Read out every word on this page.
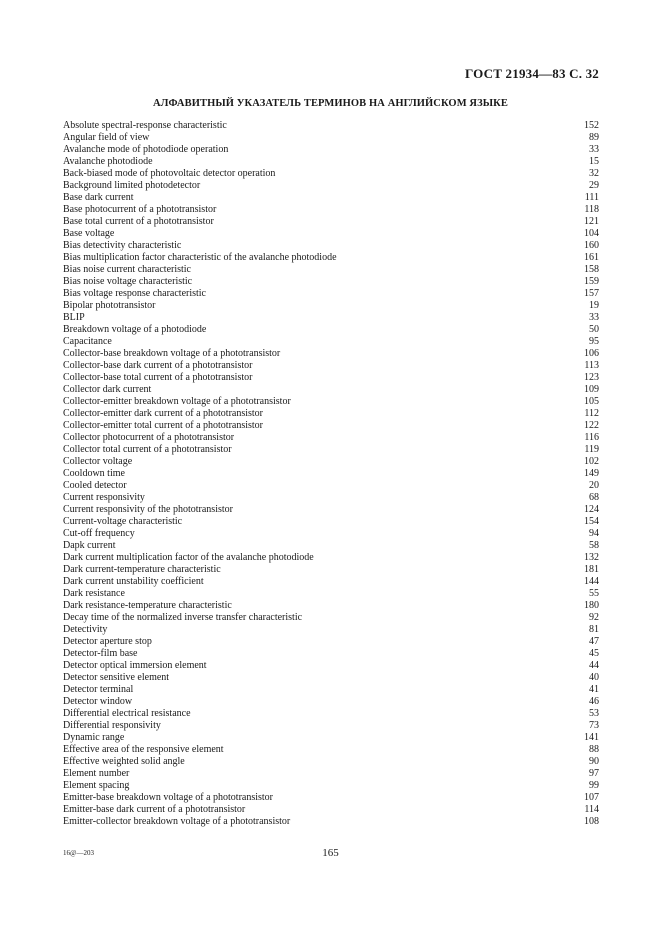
ГОСТ 21934—83 С. 32
АЛФАВИТНЫЙ УКАЗАТЕЛЬ ТЕРМИНОВ НА АНГЛИЙСКОМ ЯЗЫКЕ
Absolute spectral-response characteristic	152
Angular field of view	89
Avalanche mode of photodiode operation	33
Avalanche photodiode	15
Back-biased mode of photovoltaic detector operation	32
Background limited photodetector	29
Base dark current	111
Base photocurrent of a phototransistor	118
Base total current of a phototransistor	121
Base voltage	104
Bias detectivity characteristic	160
Bias multiplication factor characteristic of the avalanche photodiode	161
Bias noise current characteristic	158
Bias noise voltage characteristic	159
Bias voltage response characteristic	157
Bipolar phototransistor	19
BLIP	33
Breakdown voltage of a photodiode	50
Capacitance	95
Collector-base breakdown voltage of a phototransistor	106
Collector-base dark current of a phototransistor	113
Collector-base total current of a phototransistor	123
Collector dark current	109
Collector-emitter breakdown voltage of a phototransistor	105
Collector-emitter dark current of a phototransistor	112
Collector-emitter total current of a phototransistor	122
Collector photocurrent of a phototransistor	116
Collector total current of a phototransistor	119
Collector voltage	102
Cooldown time	149
Cooled detector	20
Current responsivity	68
Current responsivity of the phototransistor	124
Current-voltage characteristic	154
Cut-off frequency	94
Dapk current	58
Dark current multiplication factor of the avalanche photodiode	132
Dark current-temperature characteristic	181
Dark current unstability coefficient	144
Dark resistance	55
Dark resistance-temperature characteristic	180
Decay time of the normalized inverse transfer characteristic	92
Detectivity	81
Detector aperture stop	47
Detector-film base	45
Detector optical immersion element	44
Detector sensitive element	40
Detector terminal	41
Detector window	46
Differential electrical resistance	53
Differential responsivity	73
Dynamic range	141
Effective area of the responsive element	88
Effective weighted solid angle	90
Element number	97
Element spacing	99
Emitter-base breakdown voltage of a phototransistor	107
Emitter-base dark current of a phototransistor	114
Emitter-collector breakdown voltage of a phototransistor	108
16@—203	165
